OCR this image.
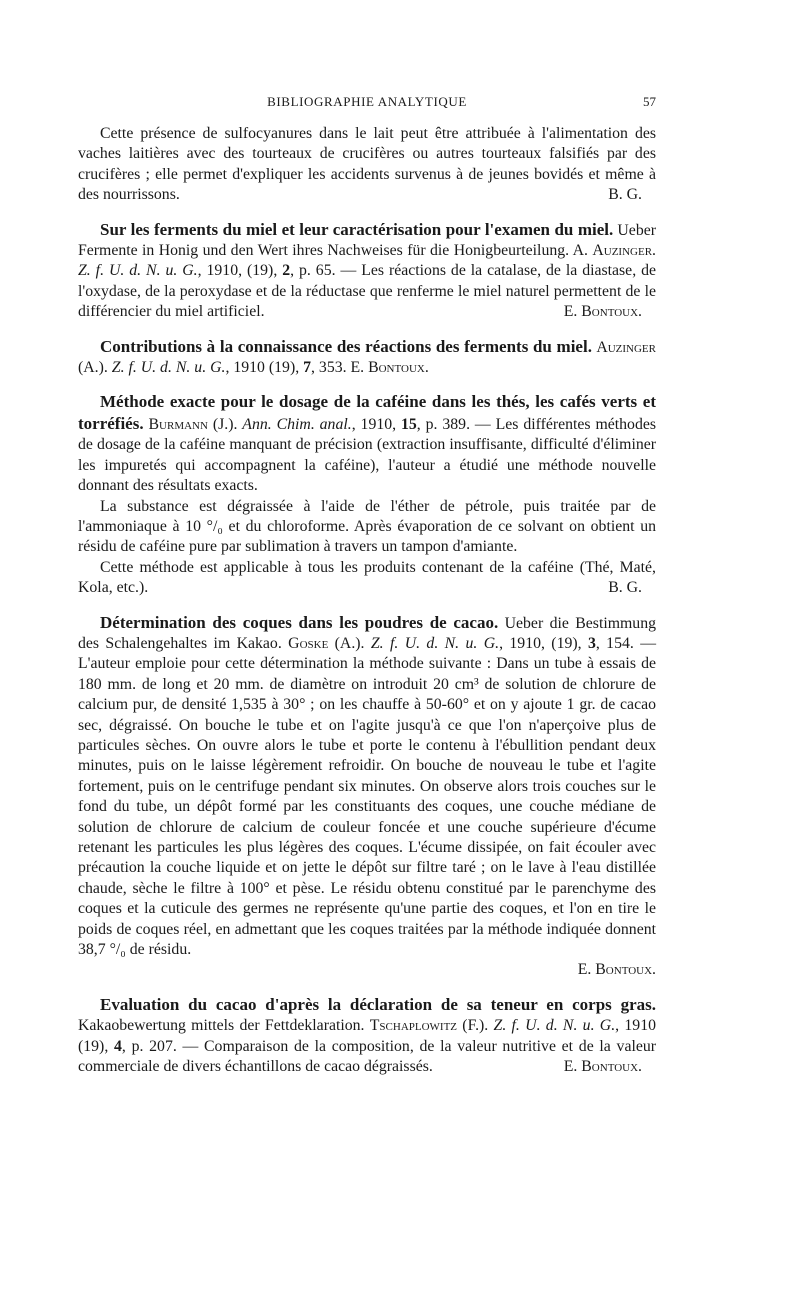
BIBLIOGRAPHIE ANALYTIQUE	57

Cette présence de sulfocyanures dans le lait peut être attribuée à l'alimentation des vaches laitières avec des tourteaux de crucifères ou autres tourteaux falsifiés par des crucifères ; elle permet d'expliquer les accidents survenus à de jeunes bovidés et même à des nourrissons.	B. G.

Sur les ferments du miel et leur caractérisation pour l'examen du miel. Ueber Fermente in Honig und den Wert ihres Nachweises für die Honigbeurteilung. A. Auzinger. Z. f. U. d. N. u. G., 1910, (19), 2, p. 65. — Les réactions de la catalase, de la diastase, de l'oxydase, de la peroxydase et de la réductase que renferme le miel naturel permettent de le différencier du miel artificiel.	E. Bontoux.

Contributions à la connaissance des réactions des ferments du miel. Auzinger (A.). Z. f. U. d. N. u. G., 1910 (19), 7, 353. E. Bontoux.

Méthode exacte pour le dosage de la caféine dans les thés, les cafés verts et torréfiés. Burmann (J.). Ann. Chim. anal., 1910, 15, p. 389. — Les différentes méthodes de dosage de la caféine manquant de précision (extraction insuffisante, difficulté d'éliminer les impuretés qui accompagnent la caféine), l'auteur a étudié une méthode nouvelle donnant des résultats exacts.

La substance est dégraissée à l'aide de l'éther de pétrole, puis traitée par de l'ammoniaque à 10 °/₀ et du chloroforme. Après évaporation de ce solvant on obtient un résidu de caféine pure par sublimation à travers un tampon d'amiante.

Cette méthode est applicable à tous les produits contenant de la caféine (Thé, Maté, Kola, etc.).	B. G.

Détermination des coques dans les poudres de cacao. Ueber die Bestimmung des Schalengehaltes im Kakao. Goske (A.). Z. f. U. d. N. u. G., 1910, (19), 3, 154. — L'auteur emploie pour cette détermination la méthode suivante : Dans un tube à essais de 180 mm. de long et 20 mm. de diamètre on introduit 20 cm³ de solution de chlorure de calcium pur, de densité 1,535 à 30° ; on les chauffe à 50-60° et on y ajoute 1 gr. de cacao sec, dégraissé. On bouche le tube et on l'agite jusqu'à ce que l'on n'aperçoive plus de particules sèches. On ouvre alors le tube et porte le contenu à l'ébullition pendant deux minutes, puis on le laisse légèrement refroidir. On bouche de nouveau le tube et l'agite fortement, puis on le centrifuge pendant six minutes. On observe alors trois couches sur le fond du tube, un dépôt formé par les constituants des coques, une couche médiane de solution de chlorure de calcium de couleur foncée et une couche supérieure d'écume retenant les particules les plus légères des coques. L'écume dissipée, on fait écouler avec précaution la couche liquide et on jette le dépôt sur filtre taré ; on le lave à l'eau distillée chaude, sèche le filtre à 100° et pèse. Le résidu obtenu constitué par le parenchyme des coques et la cuticule des germes ne représente qu'une partie des coques, et l'on en tire le poids de coques réel, en admettant que les coques traitées par la méthode indiquée donnent 38,7 °/₀ de résidu.

E. Bontoux.

Evaluation du cacao d'après la déclaration de sa teneur en corps gras. Kakaobewertung mittels der Fettdeklaration. Tschaplowitz (F.). Z. f. U. d. N. u. G., 1910 (19), 4, p. 207. — Comparaison de la composition, de la valeur nutritive et de la valeur commerciale de divers échantillons de cacao dégraissés.	E. Bontoux.
